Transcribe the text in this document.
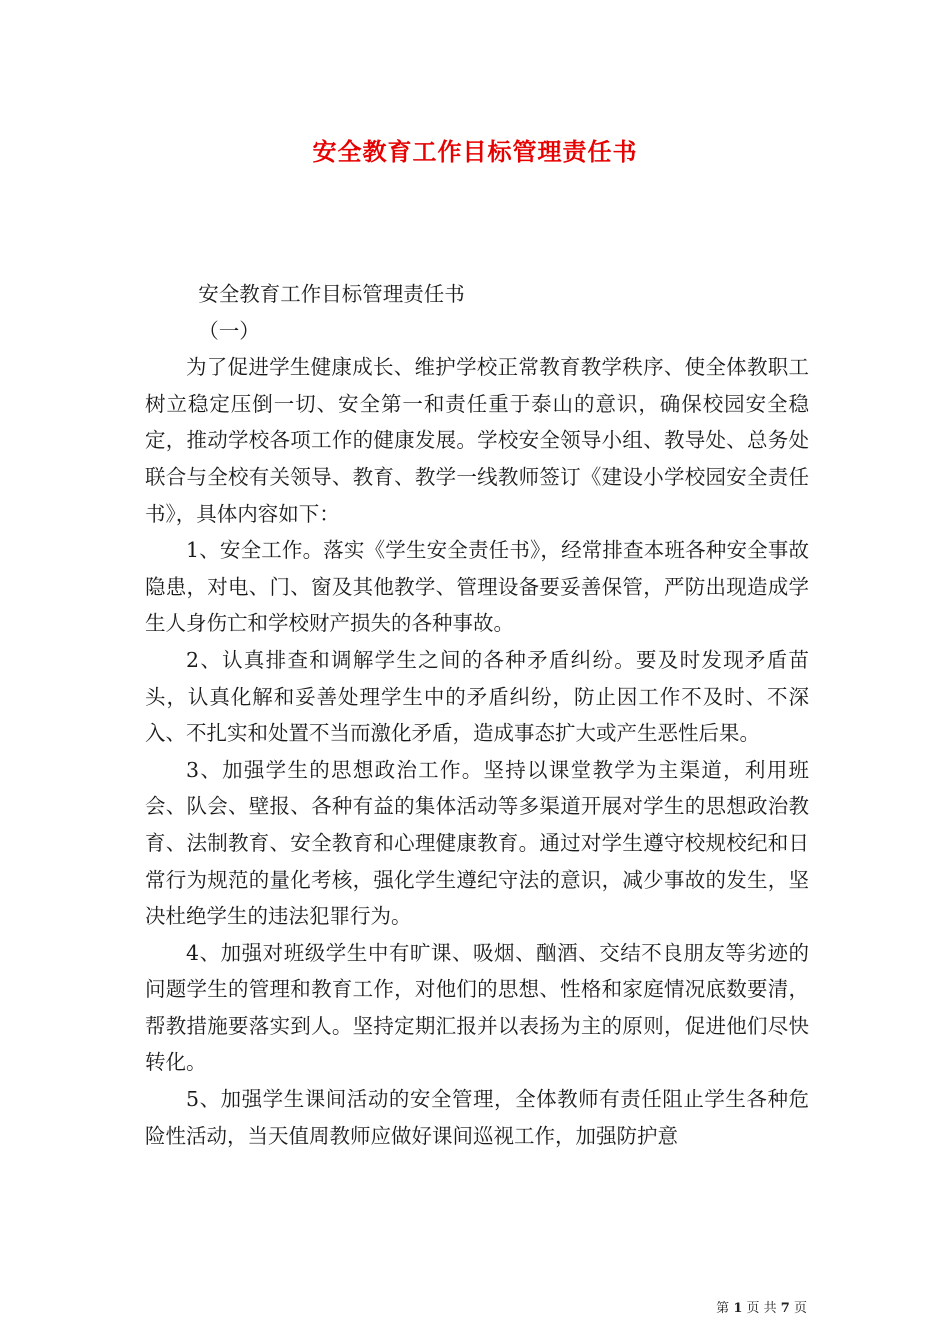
安全教育工作目标管理责任书

安全教育工作目标管理责任书

（一）

为了促进学生健康成长、维护学校正常教育教学秩序、使全体教职工树立稳定压倒一切、安全第一和责任重于泰山的意识，确保校园安全稳定，推动学校各项工作的健康发展。学校安全领导小组、教导处、总务处联合与全校有关领导、教育、教学一线教师签订《建设小学校园安全责任书》，具体内容如下：

1、安全工作。落实《学生安全责任书》，经常排查本班各种安全事故隐患，对电、门、窗及其他教学、管理设备要妥善保管，严防出现造成学生人身伤亡和学校财产损失的各种事故。

2、认真排查和调解学生之间的各种矛盾纠纷。要及时发现矛盾苗头，认真化解和妥善处理学生中的矛盾纠纷，防止因工作不及时、不深入、不扎实和处置不当而激化矛盾，造成事态扩大或产生恶性后果。

3、加强学生的思想政治工作。坚持以课堂教学为主渠道，利用班会、队会、壁报、各种有益的集体活动等多渠道开展对学生的思想政治教育、法制教育、安全教育和心理健康教育。通过对学生遵守校规校纪和日常行为规范的量化考核，强化学生遵纪守法的意识，减少事故的发生，坚决杜绝学生的违法犯罪行为。

4、加强对班级学生中有旷课、吸烟、酗酒、交结不良朋友等劣迹的问题学生的管理和教育工作，对他们的思想、性格和家庭情况底数要清，帮教措施要落实到人。坚持定期汇报并以表扬为主的原则，促进他们尽快转化。

5、加强学生课间活动的安全管理，全体教师有责任阻止学生各种危险性活动，当天值周教师应做好课间巡视工作，加强防护意

第 1 页 共 7 页
